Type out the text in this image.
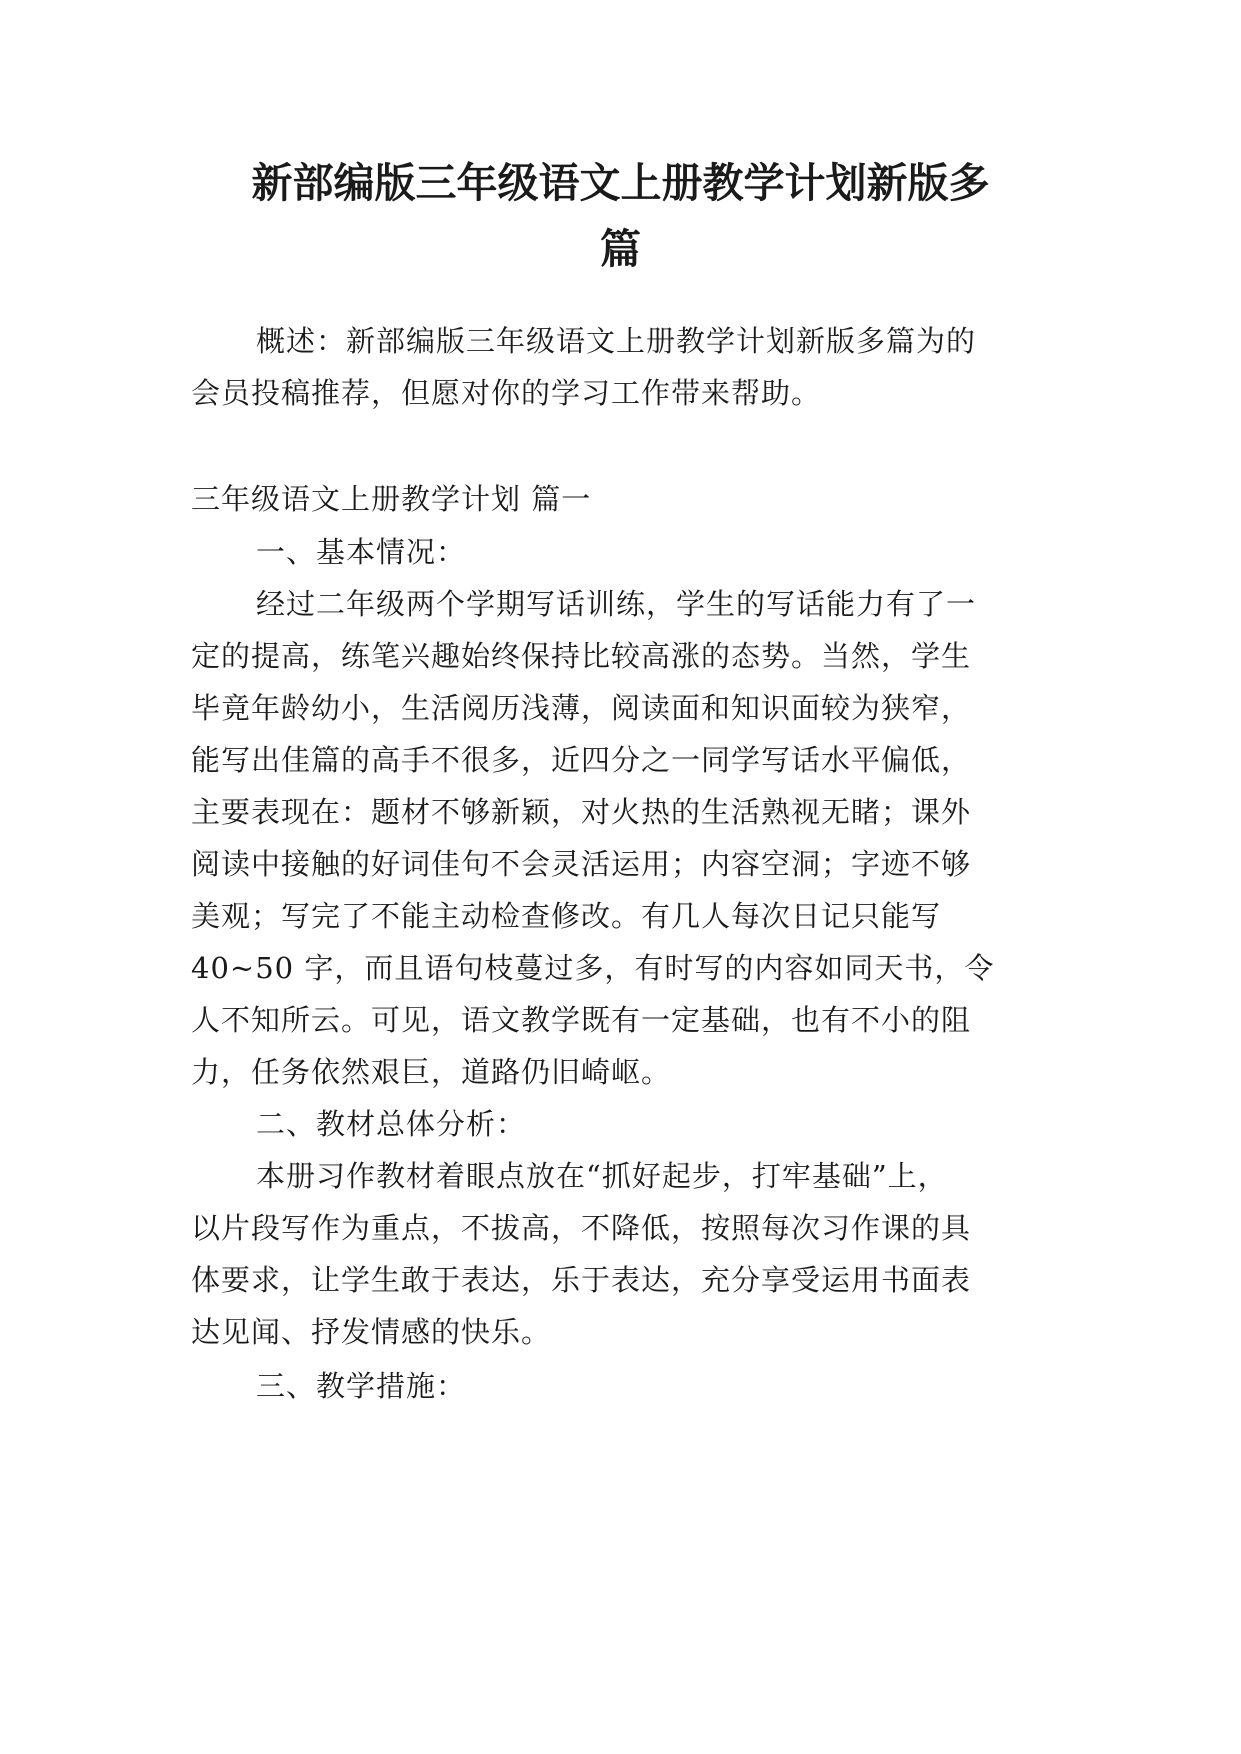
新部编版三年级语文上册教学计划新版多
篇
概述：新部编版三年级语文上册教学计划新版多篇为的
会员投稿推荐，但愿对你的学习工作带来帮助。
三年级语文上册教学计划 篇一
一、基本情况：
经过二年级两个学期写话训练，学生的写话能力有了一
定的提高，练笔兴趣始终保持比较高涨的态势。当然，学生
毕竟年龄幼小，生活阅历浅薄，阅读面和知识面较为狭窄，
能写出佳篇的高手不很多，近四分之一同学写话水平偏低，
主要表现在：题材不够新颖，对火热的生活熟视无睹；课外
阅读中接触的好词佳句不会灵活运用；内容空洞；字迹不够
美观；写完了不能主动检查修改。有几人每次日记只能写
40~50 字，而且语句枝蔓过多，有时写的内容如同天书，令
人不知所云。可见，语文教学既有一定基础，也有不小的阻
力，任务依然艰巨，道路仍旧崎岖。
二、教材总体分析：
本册习作教材着眼点放在“抓好起步，打牢基础”上，
以片段写作为重点，不拔高，不降低，按照每次习作课的具
体要求，让学生敢于表达，乐于表达，充分享受运用书面表
达见闻、抒发情感的快乐。
三、教学措施：
